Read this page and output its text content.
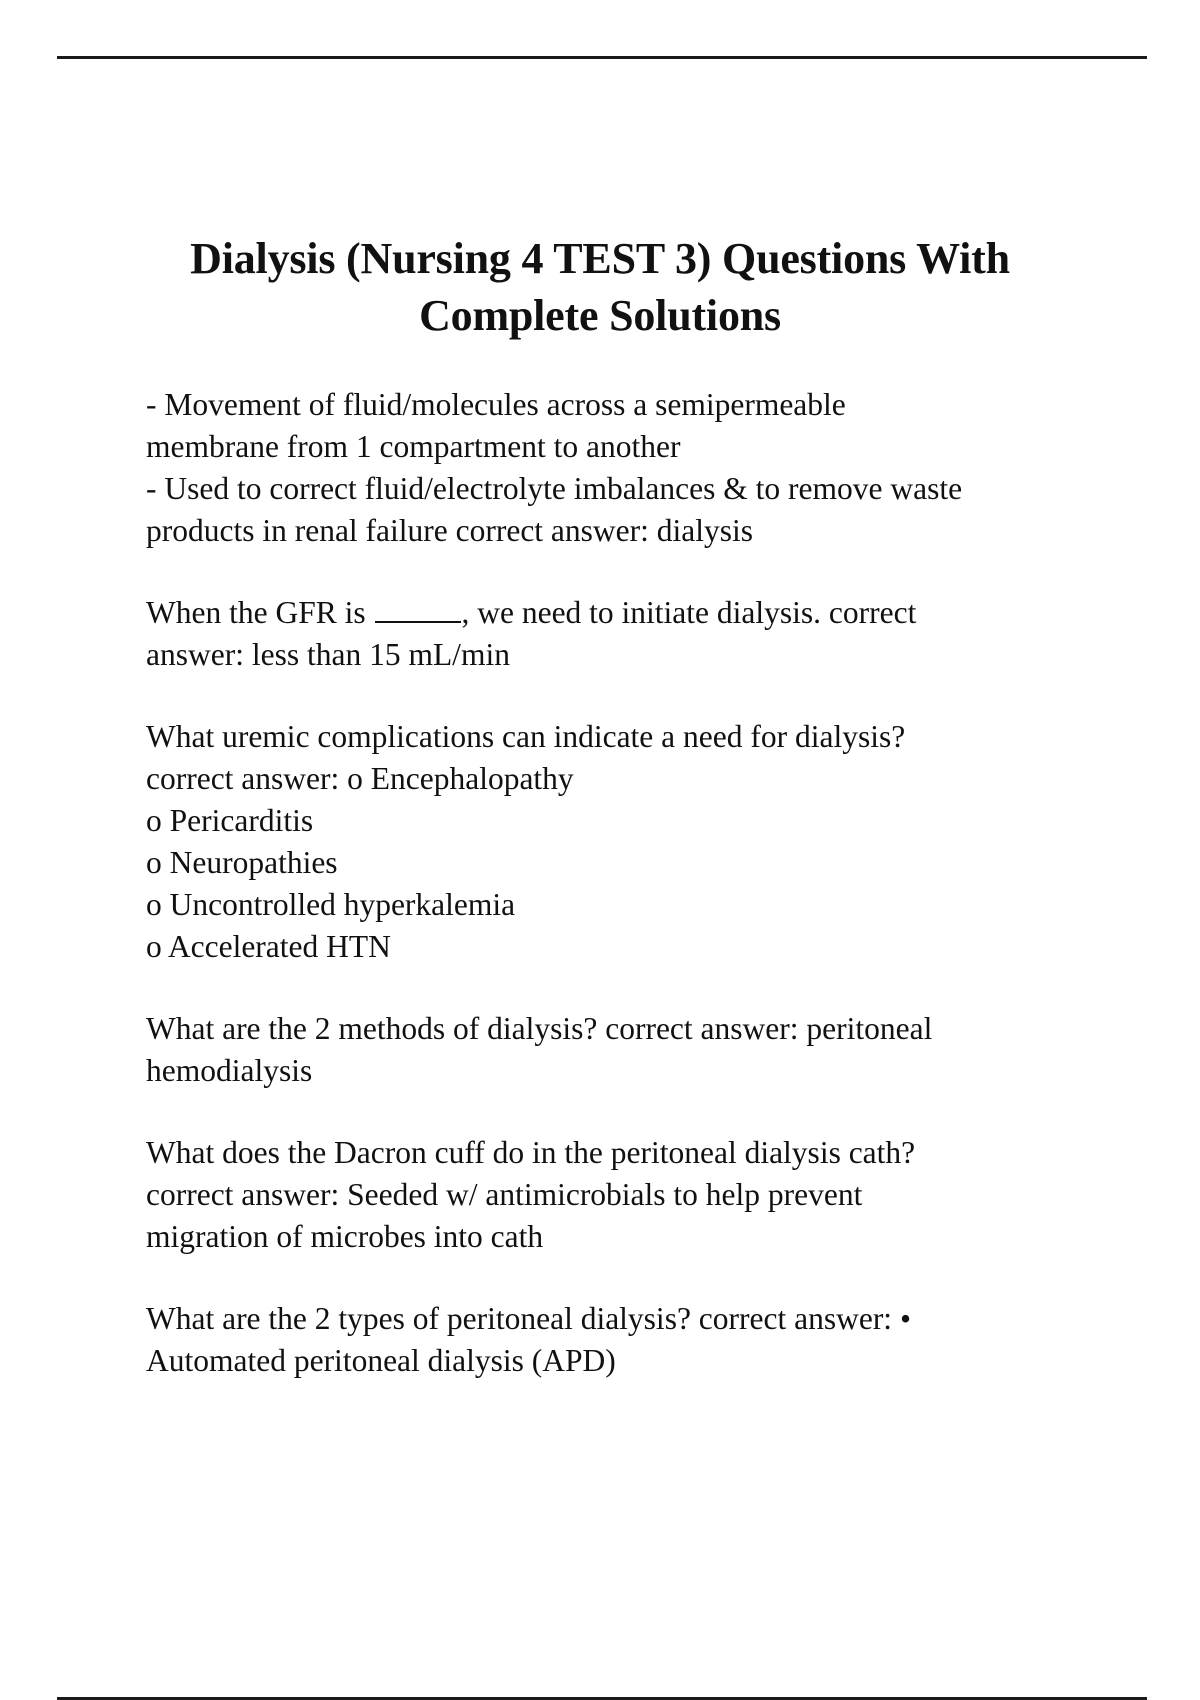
Dialysis (Nursing 4 TEST 3) Questions With
Complete Solutions
- Movement of fluid/molecules across a semipermeable
membrane from 1 compartment to another
- Used to correct fluid/electrolyte imbalances & to remove waste
products in renal failure correct answer: dialysis
When the GFR is	, we need to initiate dialysis. correct
answer: less than 15 mL/min
What uremic complications can indicate a need for dialysis?
correct answer: o Encephalopathy
o Pericarditis
o Neuropathies
o Uncontrolled hyperkalemia
o Accelerated HTN
What are the 2 methods of dialysis? correct answer: peritoneal
hemodialysis
What does the Dacron cuff do in the peritoneal dialysis cath?
correct answer: Seeded w/ antimicrobials to help prevent
migration of microbes into cath
What are the 2 types of peritoneal dialysis? correct answer: •
Automated peritoneal dialysis (APD)
